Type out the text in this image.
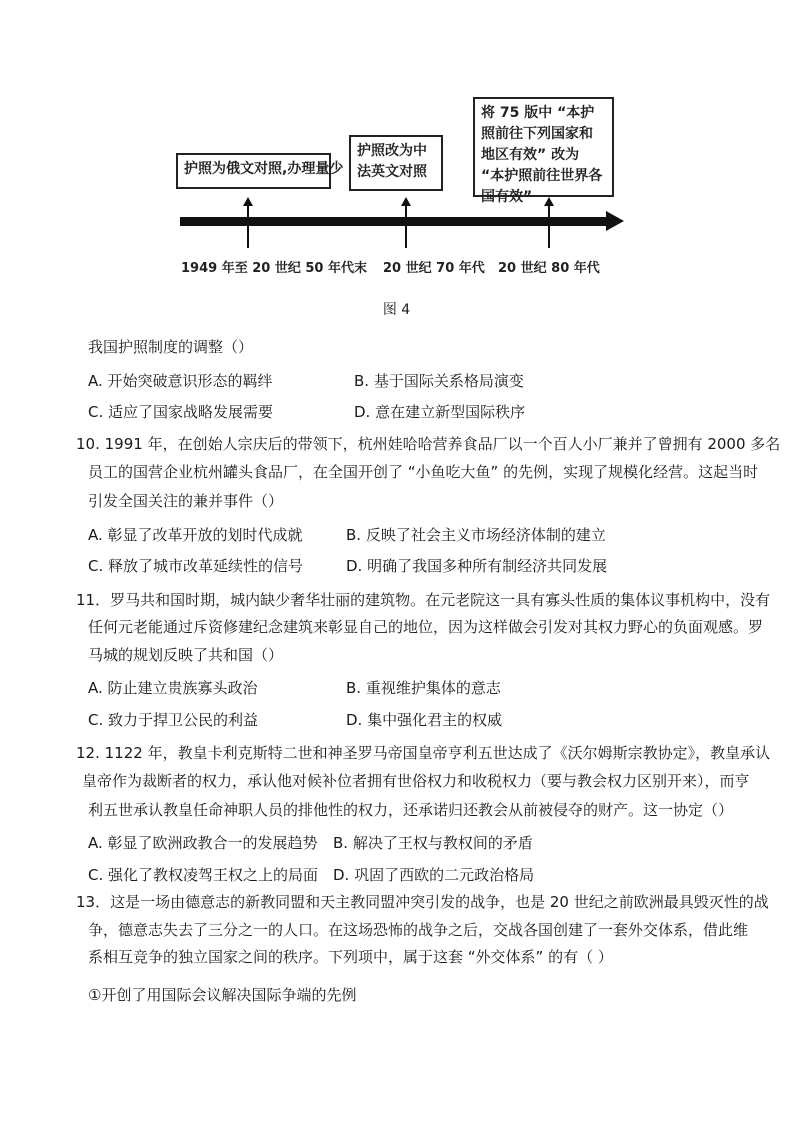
护照为俄文对照,办理量少
护照改为中法英文对照
将 75 版中 “本护照前往下列国家和地区有效” 改为 “本护照前往世界各国有效”
1949 年至 20 世纪 50 年代末 20 世纪 70 年代 20 世纪 80 年代
图 4
我国护照制度的调整（）
A. 开始突破意识形态的羁绊	B. 基于国际关系格局演变
C. 适应了国家战略发展需要	D. 意在建立新型国际秩序
10. 1991 年，在创始人宗庆后的带领下，杭州娃哈哈营养食品厂以一个百人小厂兼并了曾拥有 2000 多名
员工的国营企业杭州罐头食品厂，在全国开创了 “小鱼吃大鱼” 的先例，实现了规模化经营。这起当时
引发全国关注的兼并事件（）
A. 彰显了改革开放的划时代成就	B. 反映了社会主义市场经济体制的建立
C. 释放了城市改革延续性的信号	D. 明确了我国多种所有制经济共同发展
11．罗马共和国时期，城内缺少奢华壮丽的建筑物。在元老院这一具有寡头性质的集体议事机构中，没有
任何元老能通过斥资修建纪念建筑来彰显自己的地位，因为这样做会引发对其权力野心的负面观感。罗
马城的规划反映了共和国（）
A. 防止建立贵族寡头政治	B. 重视维护集体的意志
C. 致力于捍卫公民的利益	D. 集中强化君主的权威
12. 1122 年，教皇卡利克斯特二世和神圣罗马帝国皇帝亨利五世达成了《沃尔姆斯宗教协定》，教皇承认
皇帝作为裁断者的权力，承认他对候补位者拥有世俗权力和收税权力（要与教会权力区别开来），而亨
利五世承认教皇任命神职人员的排他性的权力，还承诺归还教会从前被侵夺的财产。这一协定（）
A. 彰显了欧洲政教合一的发展趋势 B. 解决了王权与教权间的矛盾
C. 强化了教权凌驾王权之上的局面 D. 巩固了西欧的二元政治格局
13．这是一场由德意志的新教同盟和天主教同盟冲突引发的战争，也是 20 世纪之前欧洲最具毁灭性的战
争，德意志失去了三分之一的人口。在这场恐怖的战争之后，交战各国创建了一套外交体系，借此维
系相互竞争的独立国家之间的秩序。下列项中，属于这套 “外交体系” 的有（ ）
①开创了用国际会议解决国际争端的先例
